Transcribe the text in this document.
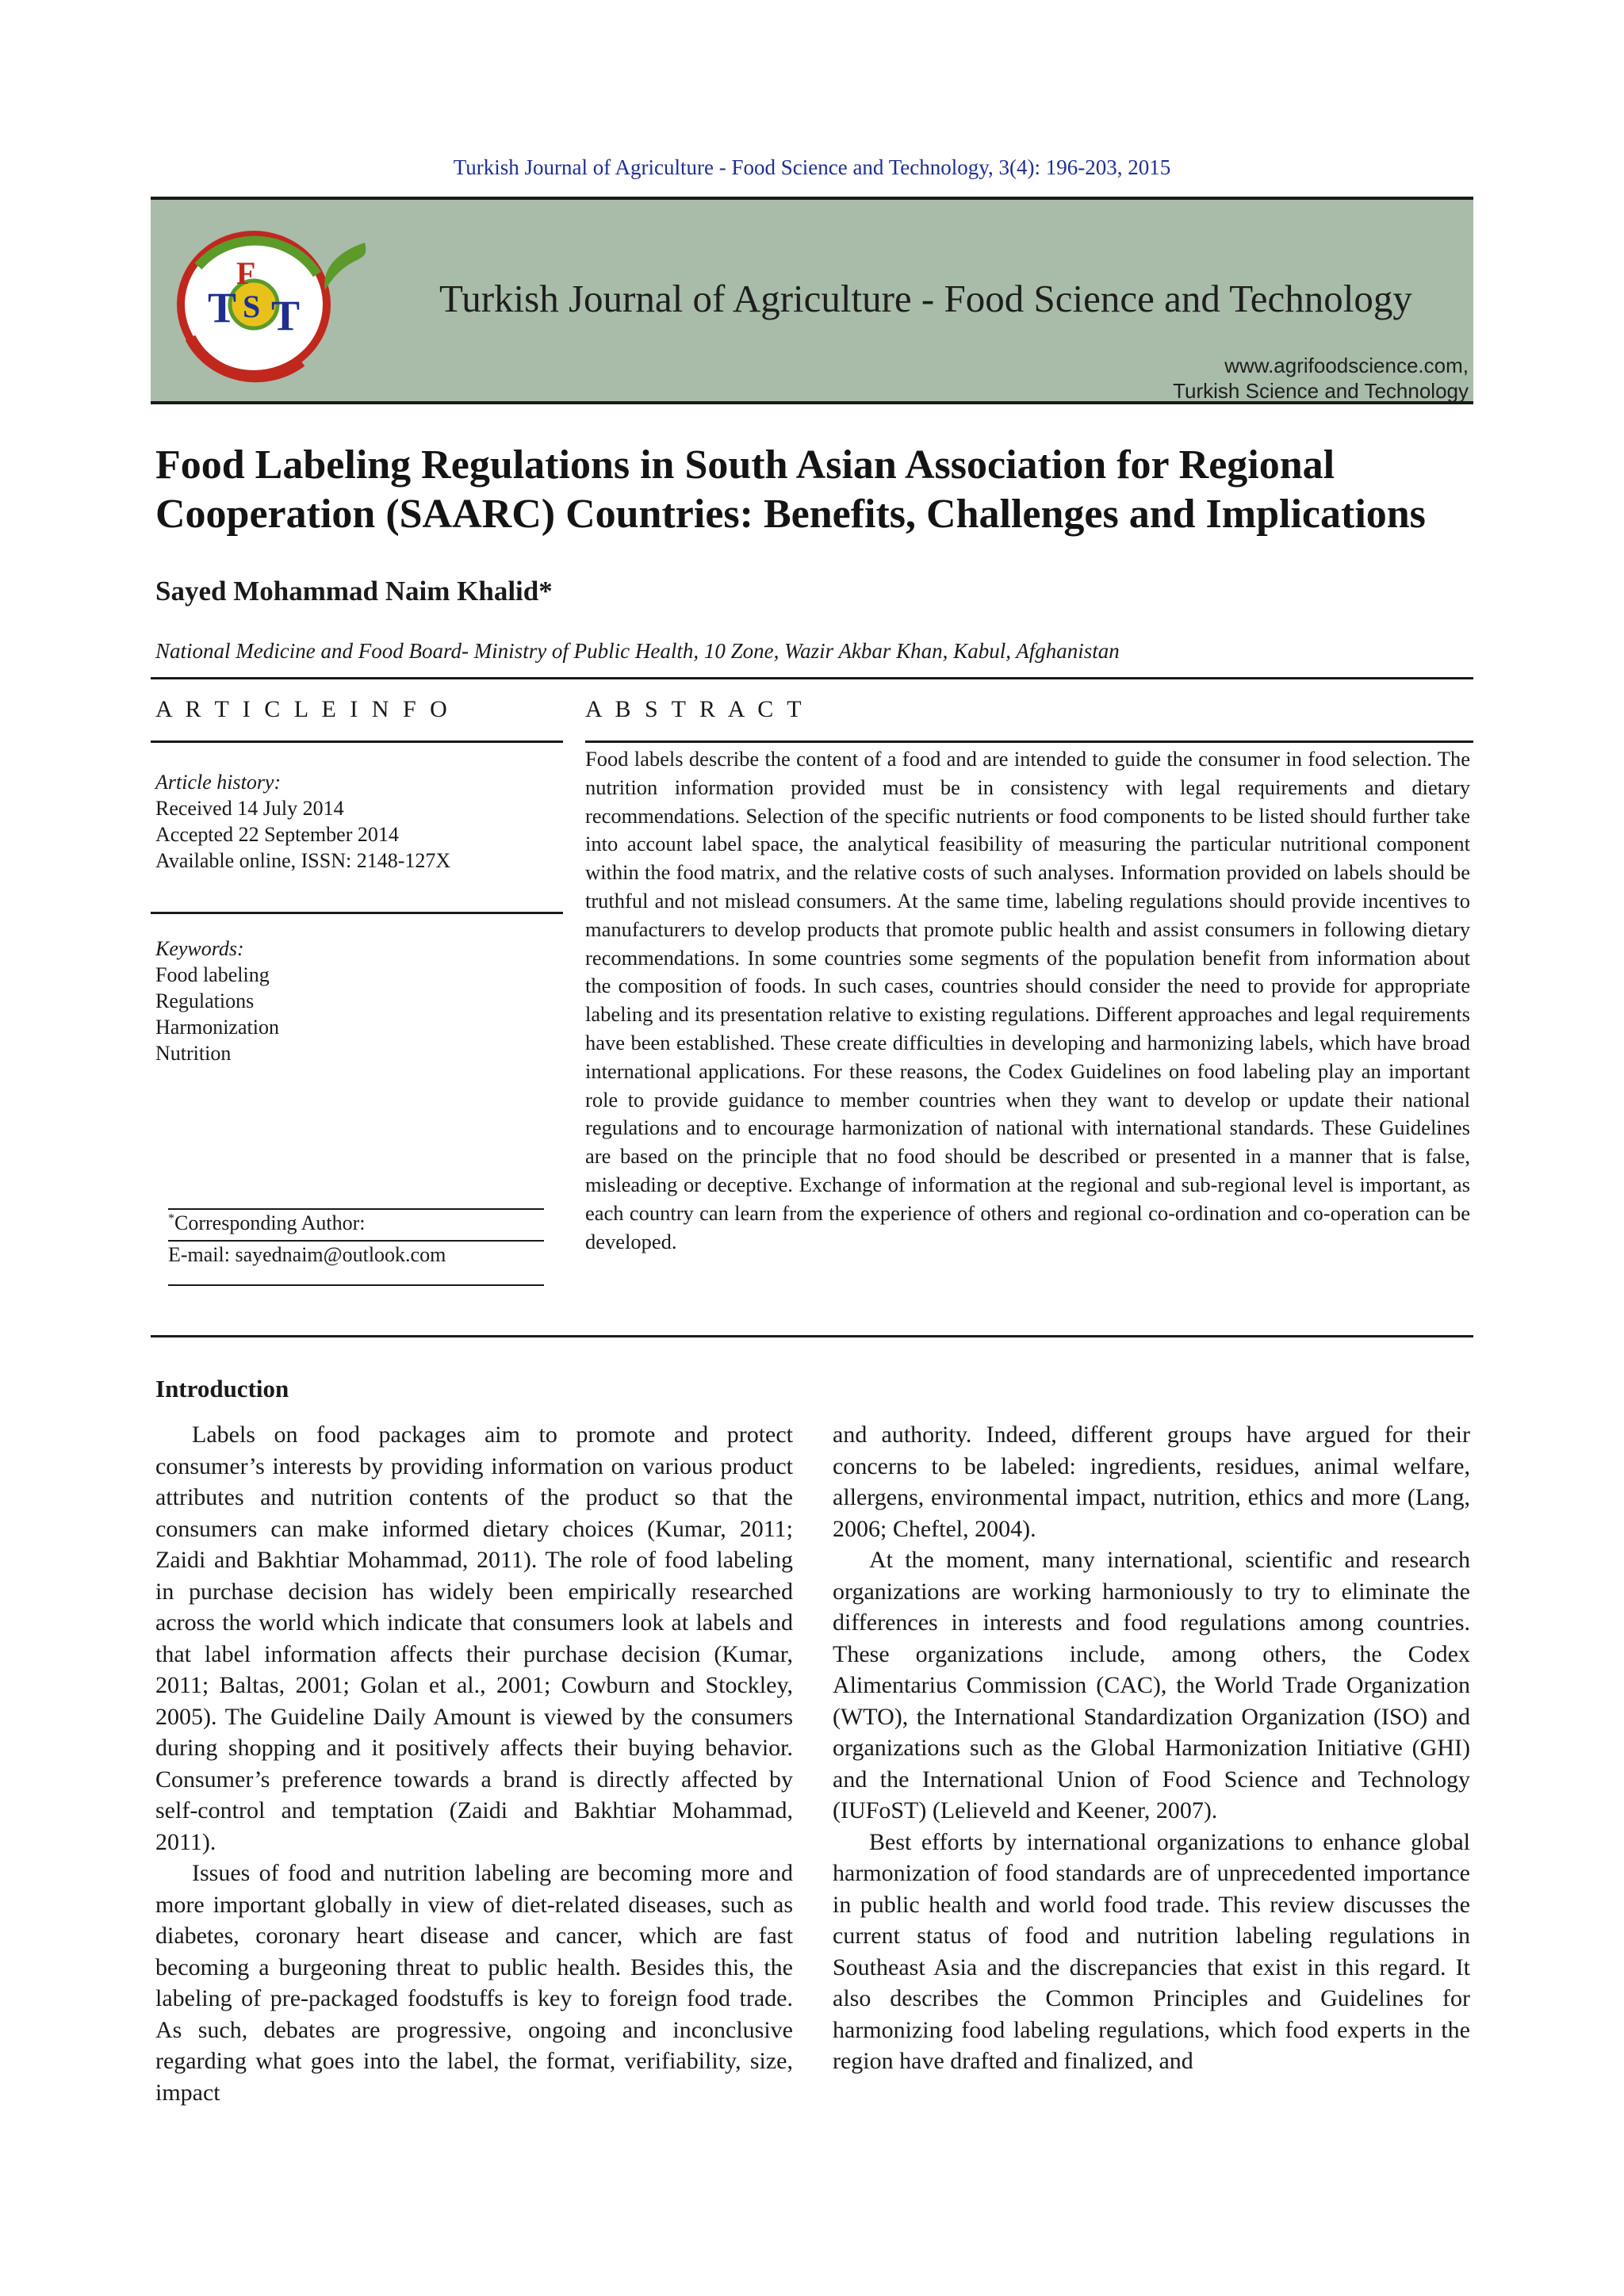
Turkish Journal of Agriculture - Food Science and Technology, 3(4): 196-203, 2015
T T
F
S	Turkish Journal of Agriculture - Food Science and Technology
www.agrifoodscience.com,
Turkish Science and Technology
Food Labeling Regulations in South Asian Association for Regional Cooperation (SAARC) Countries: Benefits, Challenges and Implications
Sayed Mohammad Naim Khalid*
National Medicine and Food Board- Ministry of Public Health, 10 Zone, Wazir Akbar Khan, Kabul, Afghanistan
A R T I C L E I N F O	A B S T R A C T
Article history:
Received 14 July 2014
Accepted 22 September 2014
Available online, ISSN: 2148-127X
Keywords:
Food labeling
Regulations
Harmonization
Nutrition
*Corresponding Author:
E-mail: sayednaim@outlook.com

Food labels describe the content of a food and are intended to guide the consumer in food selection. The nutrition information provided must be in consistency with legal requirements and dietary recommendations. Selection of the specific nutrients or food components to be listed should further take into account label space, the analytical feasibility of measuring the particular nutritional component within the food matrix, and the relative costs of such analyses. Information provided on labels should be truthful and not mislead consumers. At the same time, labeling regulations should provide incentives to manufacturers to develop products that promote public health and assist consumers in following dietary recommendations. In some countries some segments of the population benefit from information about the composition of foods. In such cases, countries should consider the need to provide for appropriate labeling and its presentation relative to existing regulations. Different approaches and legal requirements have been established. These create difficulties in developing and harmonizing labels, which have broad international applications. For these reasons, the Codex Guidelines on food labeling play an important role to provide guidance to member countries when they want to develop or update their national regulations and to encourage harmonization of national with international standards. These Guidelines are based on the principle that no food should be described or presented in a manner that is false, misleading or deceptive. Exchange of information at the regional and sub-regional level is important, as each country can learn from the experience of others and regional co-ordination and co-operation can be developed.

Introduction

Labels on food packages aim to promote and protect consumer’s interests by providing information on various product attributes and nutrition contents of the product so that the consumers can make informed dietary choices (Kumar, 2011; Zaidi and Bakhtiar Mohammad, 2011). The role of food labeling in purchase decision has widely been empirically researched across the world which indicate that consumers look at labels and that label information affects their purchase decision (Kumar, 2011; Baltas, 2001; Golan et al., 2001; Cowburn and Stockley, 2005). The Guideline Daily Amount is viewed by the consumers during shopping and it positively affects their buying behavior. Consumer’s preference towards a brand is directly affected by self-control and temptation (Zaidi and Bakhtiar Mohammad, 2011).

Issues of food and nutrition labeling are becoming more and more important globally in view of diet-related diseases, such as diabetes, coronary heart disease and cancer, which are fast becoming a burgeoning threat to public health. Besides this, the labeling of pre-packaged foodstuffs is key to foreign food trade. As such, debates are progressive, ongoing and inconclusive regarding what goes into the label, the format, verifiability, size, impact

and authority. Indeed, different groups have argued for their concerns to be labeled: ingredients, residues, animal welfare, allergens, environmental impact, nutrition, ethics and more (Lang, 2006; Cheftel, 2004).

At the moment, many international, scientific and research organizations are working harmoniously to try to eliminate the differences in interests and food regulations among countries. These organizations include, among others, the Codex Alimentarius Commission (CAC), the World Trade Organization (WTO), the International Standardization Organization (ISO) and organizations such as the Global Harmonization Initiative (GHI) and the International Union of Food Science and Technology (IUFoST) (Lelieveld and Keener, 2007).

Best efforts by international organizations to enhance global harmonization of food standards are of unprecedented importance in public health and world food trade. This review discusses the current status of food and nutrition labeling regulations in Southeast Asia and the discrepancies that exist in this regard. It also describes the Common Principles and Guidelines for harmonizing food labeling regulations, which food experts in the region have drafted and finalized, and
